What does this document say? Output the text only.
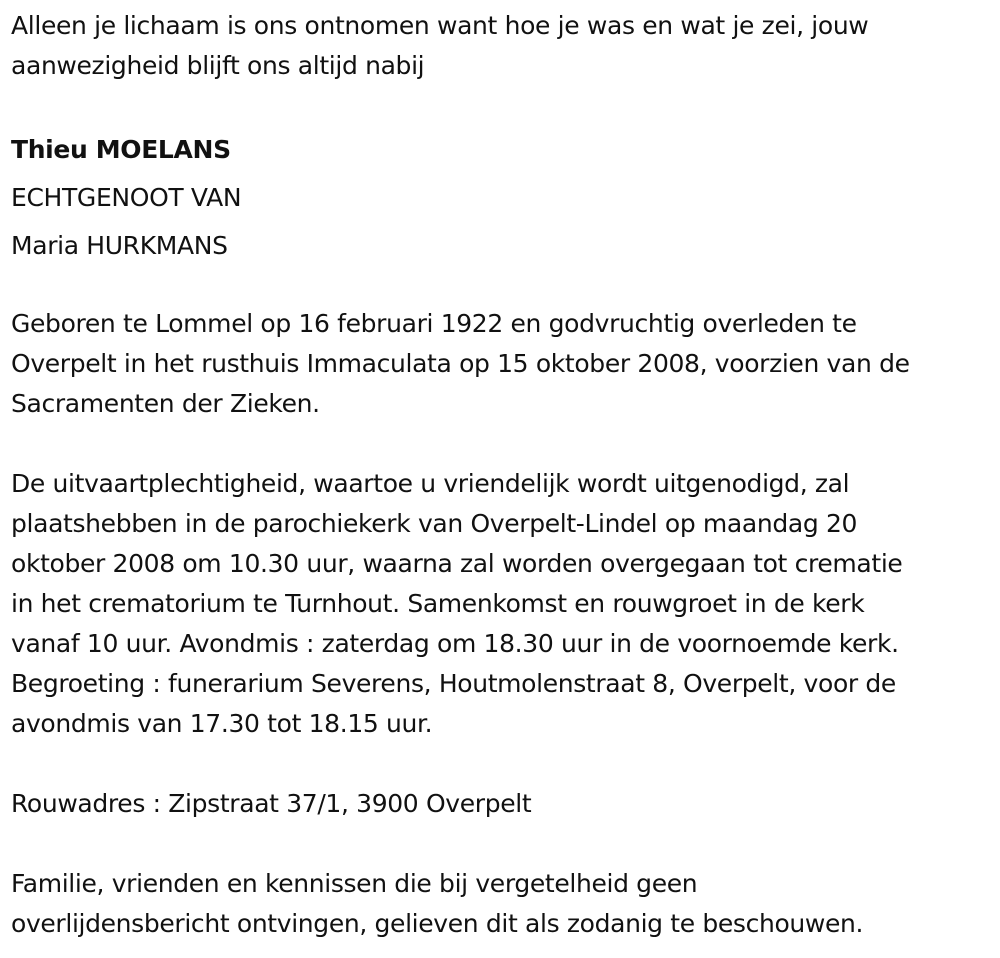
Alleen je lichaam is ons ontnomen want hoe je was en wat je zei, jouw
aanwezigheid blijft ons altijd nabij

Thieu MOELANS

ECHTGENOOT VAN

Maria HURKMANS

Geboren te Lommel op 16 februari 1922 en godvruchtig overleden te
Overpelt in het rusthuis Immaculata op 15 oktober 2008, voorzien van de
Sacramenten der Zieken.

De uitvaartplechtigheid, waartoe u vriendelijk wordt uitgenodigd, zal
plaatshebben in de parochiekerk van Overpelt-Lindel op maandag 20
oktober 2008 om 10.30 uur, waarna zal worden overgegaan tot crematie
in het crematorium te Turnhout. Samenkomst en rouwgroet in de kerk
vanaf 10 uur. Avondmis : zaterdag om 18.30 uur in de voornoemde kerk.
Begroeting : funerarium Severens, Houtmolenstraat 8, Overpelt, voor de
avondmis van 17.30 tot 18.15 uur.

Rouwadres : Zipstraat 37/1, 3900 Overpelt

Familie, vrienden en kennissen die bij vergetelheid geen
overlijdensbericht ontvingen, gelieven dit als zodanig te beschouwen.
